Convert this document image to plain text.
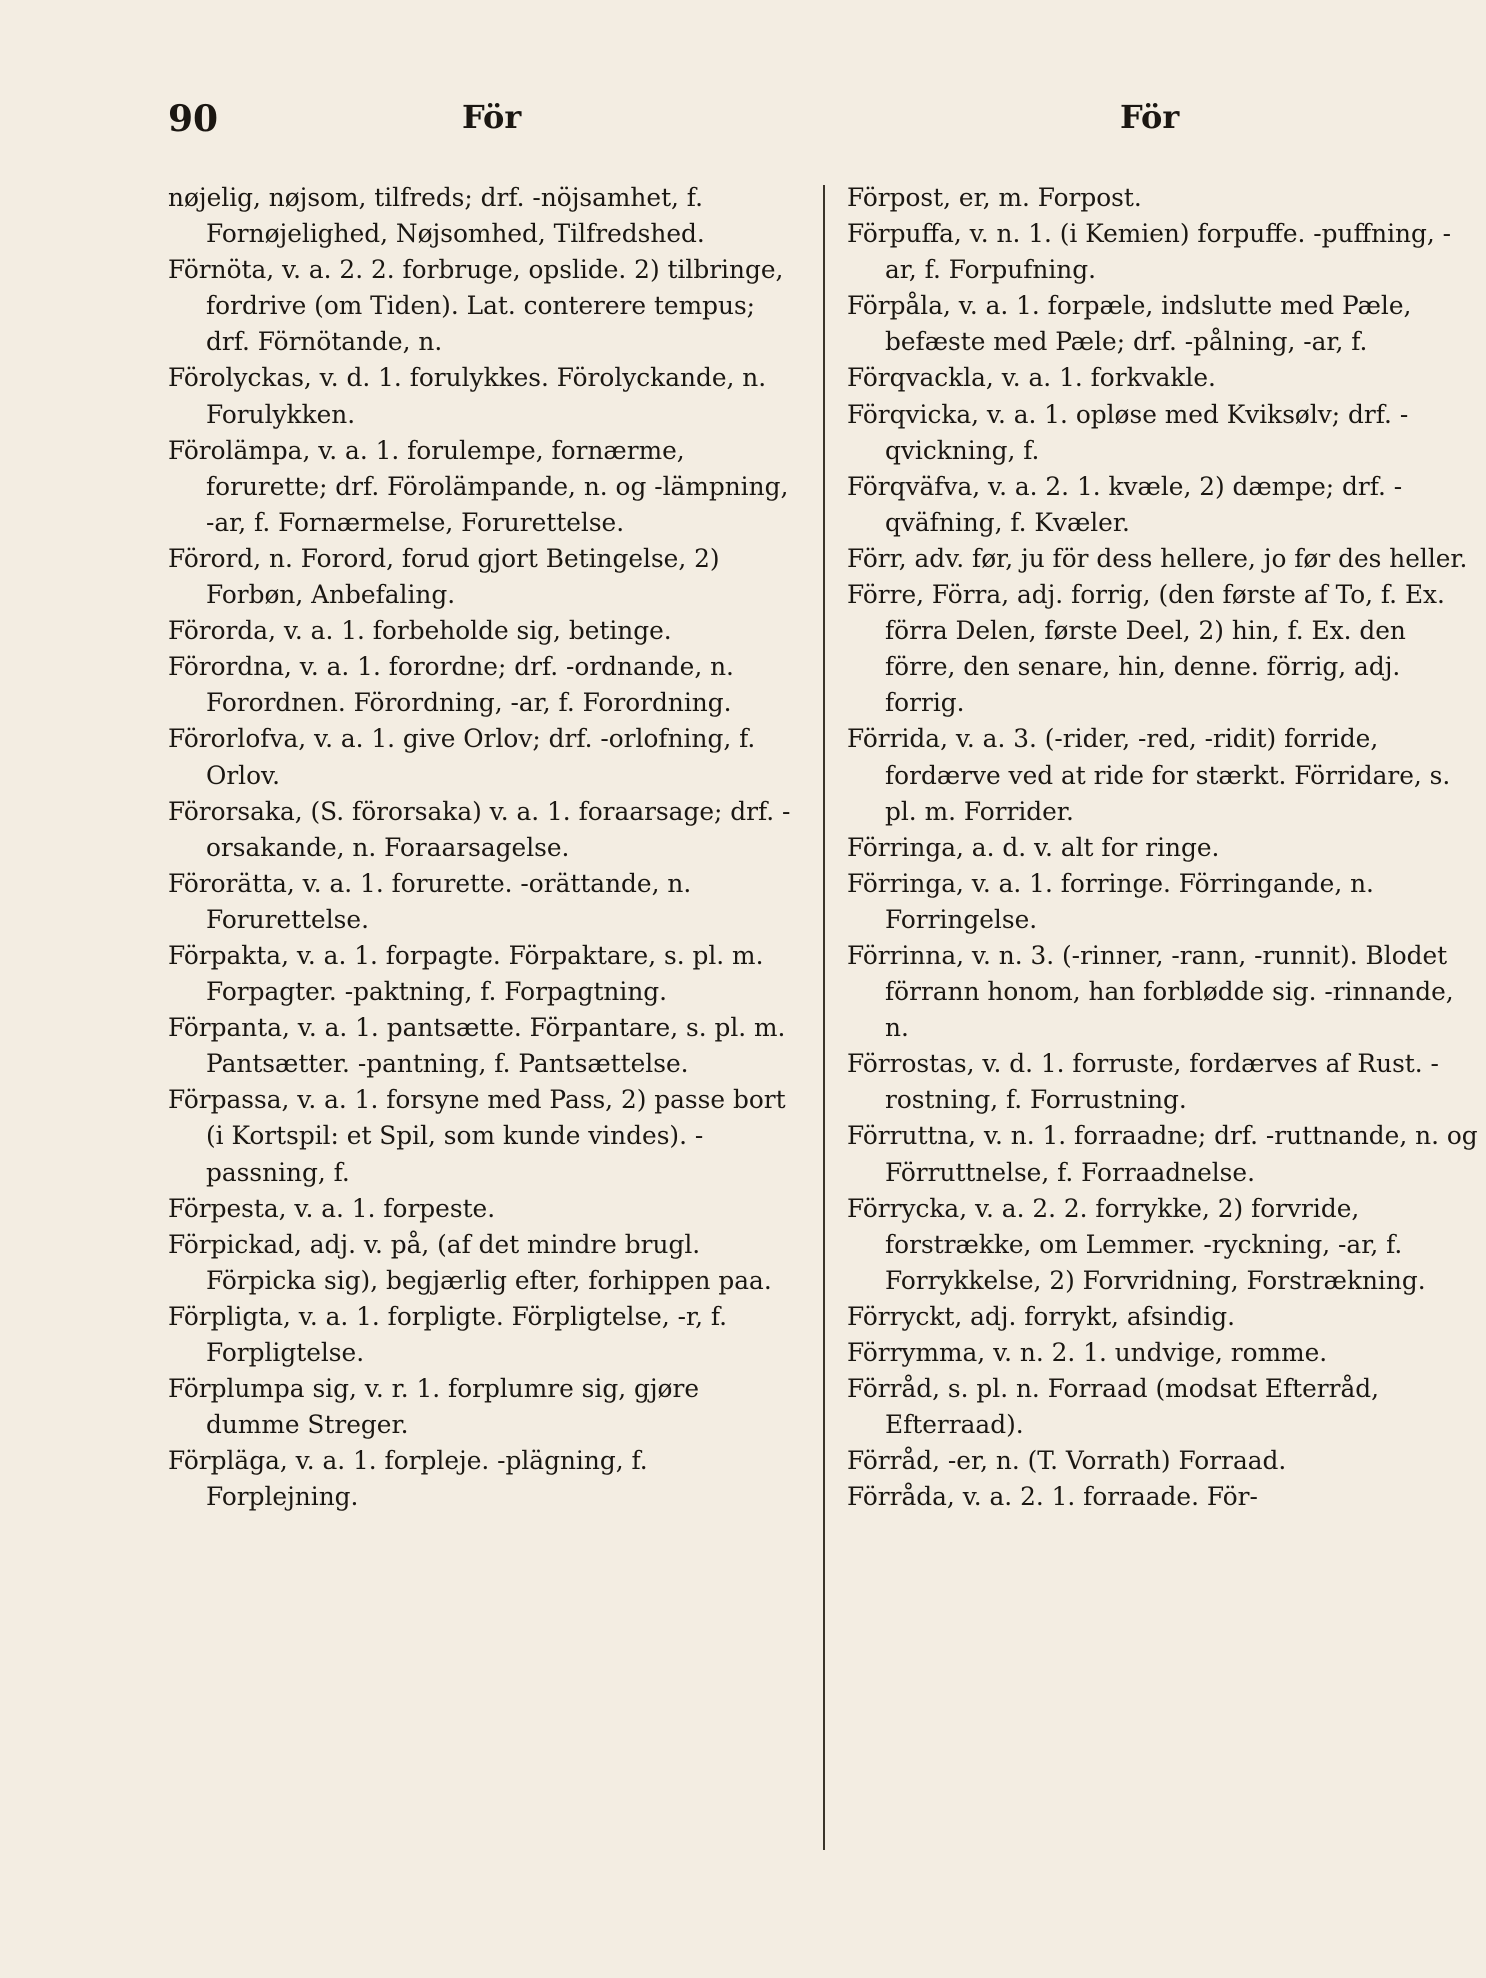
90	För	För

nøjelig, nøjsom, tilfreds; drf. -nöjsamhet, f. Fornøjelighed, Nøjsomhed, Tilfredshed.

Förnöta, v. a. 2. 2. forbruge, opslide. 2) tilbringe, fordrive (om Tiden). Lat. conterere tempus; drf. Förnötande, n.

Förolyckas, v. d. 1. forulykkes. Förolyckande, n. Forulykken.

Förolämpa, v. a. 1. forulempe, fornærme, forurette; drf. Förolämpande, n. og -lämpning, -ar, f. Fornærmelse, Forurettelse.

Förord, n. Forord, forud gjort Betingelse, 2) Forbøn, Anbefaling.

Förorda, v. a. 1. forbeholde sig, betinge.

Förordna, v. a. 1. forordne; drf. -ordnande, n. Forordnen. Förordning, -ar, f. Forordning.

Förorlofva, v. a. 1. give Orlov; drf. -orlofning, f. Orlov.

Förorsaka, (S. förorsaka) v. a. 1. foraarsage; drf. -orsakande, n. Foraarsagelse.

Förorätta, v. a. 1. forurette. -orättande, n. Forurettelse.

Förpakta, v. a. 1. forpagte. Förpaktare, s. pl. m. Forpagter. -paktning, f. Forpagtning.

Förpanta, v. a. 1. pantsætte. Förpantare, s. pl. m. Pantsætter. -pantning, f. Pantsættelse.

Förpassa, v. a. 1. forsyne med Pass, 2) passe bort (i Kortspil: et Spil, som kunde vindes). -passning, f.

Förpesta, v. a. 1. forpeste.

Förpickad, adj. v. på, (af det mindre brugl. Förpicka sig), begjærlig efter, forhippen paa.

Förpligta, v. a. 1. forpligte. Förpligtelse, -r, f. Forpligtelse.

Förplumpa sig, v. r. 1. forplumre sig, gjøre dumme Streger.

Förpläga, v. a. 1. forpleje. -plägning, f. Forplejning.

Förpost, er, m. Forpost.

Förpuffa, v. n. 1. (i Kemien) forpuffe. -puffning, -ar, f. Forpufning.

Förpåla, v. a. 1. forpæle, indslutte med Pæle, befæste med Pæle; drf. -pålning, -ar, f.

Förqvackla, v. a. 1. forkvakle.

Förqvicka, v. a. 1. opløse med Kviksølv; drf. -qvickning, f.

Förqväfva, v. a. 2. 1. kvæle, 2) dæmpe; drf. -qväfning, f. Kvæler.

Förr, adv. før, ju för dess hellere, jo før des heller.

Förre, Förra, adj. forrig, (den første af To, f. Ex. förra Delen, første Deel, 2) hin, f. Ex. den förre, den senare, hin, denne. förrig, adj. forrig.

Förrida, v. a. 3. (-rider, -red, -ridit) forride, fordærve ved at ride for stærkt. Förridare, s. pl. m. Forrider.

Förringa, a. d. v. alt for ringe.

Förringa, v. a. 1. forringe. Förringande, n. Forringelse.

Förrinna, v. n. 3. (-rinner, -rann, -runnit). Blodet förrann honom, han forblødde sig. -rinnande, n.

Förrostas, v. d. 1. forruste, fordærves af Rust. -rostning, f. Forrustning.

Förruttna, v. n. 1. forraadne; drf. -ruttnande, n. og Förruttnelse, f. Forraadnelse.

Förrycka, v. a. 2. 2. forrykke, 2) forvride, forstrække, om Lemmer. -ryckning, -ar, f. Forrykkelse, 2) Forvridning, Forstrækning.

Förryckt, adj. forrykt, afsindig.

Förrymma, v. n. 2. 1. undvige, romme.

Förråd, s. pl. n. Forraad (modsat Efterråd, Efterraad).

Förråd, -er, n. (T. Vorrath) Forraad.

Förråda, v. a. 2. 1. forraade. För-
